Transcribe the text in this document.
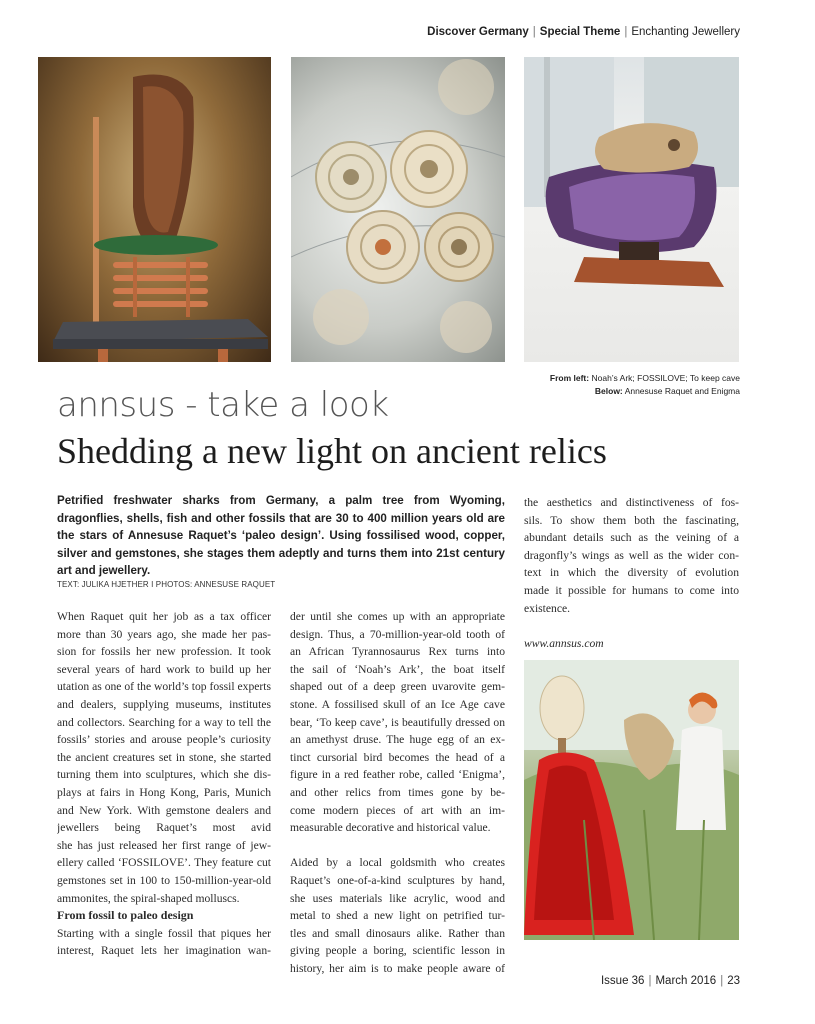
Discover Germany | Special Theme | Enchanting Jewellery
From left: Noah’s Ark; FOSSILOVE; To keep cave
Below: Annesuse Raquet and Enigma
annsus - take a look
Shedding a new light on ancient relics
Petrified freshwater sharks from Germany, a palm tree from Wyoming, dragonflies, shells, fish and other fossils that are 30 to 400 million years old are the stars of Annesuse Raquet’s ‘paleo design’. Using fossilised wood, copper, silver and gemstones, she stages them adeptly and turns them into 21st century art and jewellery.
TEXT: JULIKA HJETHER I PHOTOS: ANNESUSE RAQUET
When Raquet quit her job as a tax officer
more than 30 years ago, she made her pas-
sion for fossils her new profession. It took
several years of hard work to build up her
utation as one of the world’s top fossil experts
and dealers, supplying museums, institutes
and collectors. Searching for a way to tell the
fossils’ stories and arouse people’s curiosity
the ancient creatures set in stone, she started
turning them into sculptures, which she dis-
plays at fairs in Hong Kong, Paris, Munich
and New York. With gemstone dealers and
jewellers being Raquet’s most avid
she has just released her first range of jew-
ellery called ‘FOSSILOVE’. They feature cut
gemstones set in 100 to 150-million-year-old
ammonites, the spiral-shaped molluscs.
From fossil to paleo design
Starting with a single fossil that piques her
interest, Raquet lets her imagination wan-
der until she comes up with an appropriate
design. Thus, a 70-million-year-old tooth of
an African Tyrannosaurus Rex turns into
the sail of ‘Noah’s Ark’, the boat itself
shaped out of a deep green uvarovite gem-
stone. A fossilised skull of an Ice Age cave
bear, ‘To keep cave’, is beautifully dressed on
an amethyst druse. The huge egg of an ex-
tinct cursorial bird becomes the head of a
figure in a red feather robe, called ‘Enigma’,
and other relics from times gone by be-
come modern pieces of art with an im-
measurable decorative and historical value.
Aided by a local goldsmith who creates
Raquet’s one-of-a-kind sculptures by hand,
she uses materials like acrylic, wood and
metal to shed a new light on petrified tur-
tles and small dinosaurs alike. Rather than
giving people a boring, scientific lesson in
history, her aim is to make people aware of
the aesthetics and distinctiveness of fos-
sils. To show them both the fascinating,
abundant details such as the veining of a
dragonfly’s wings as well as the wider con-
text in which the diversity of evolution
made it possible for humans to come into
existence.
www.annsus.com
Issue 36 | March 2016 | 23
